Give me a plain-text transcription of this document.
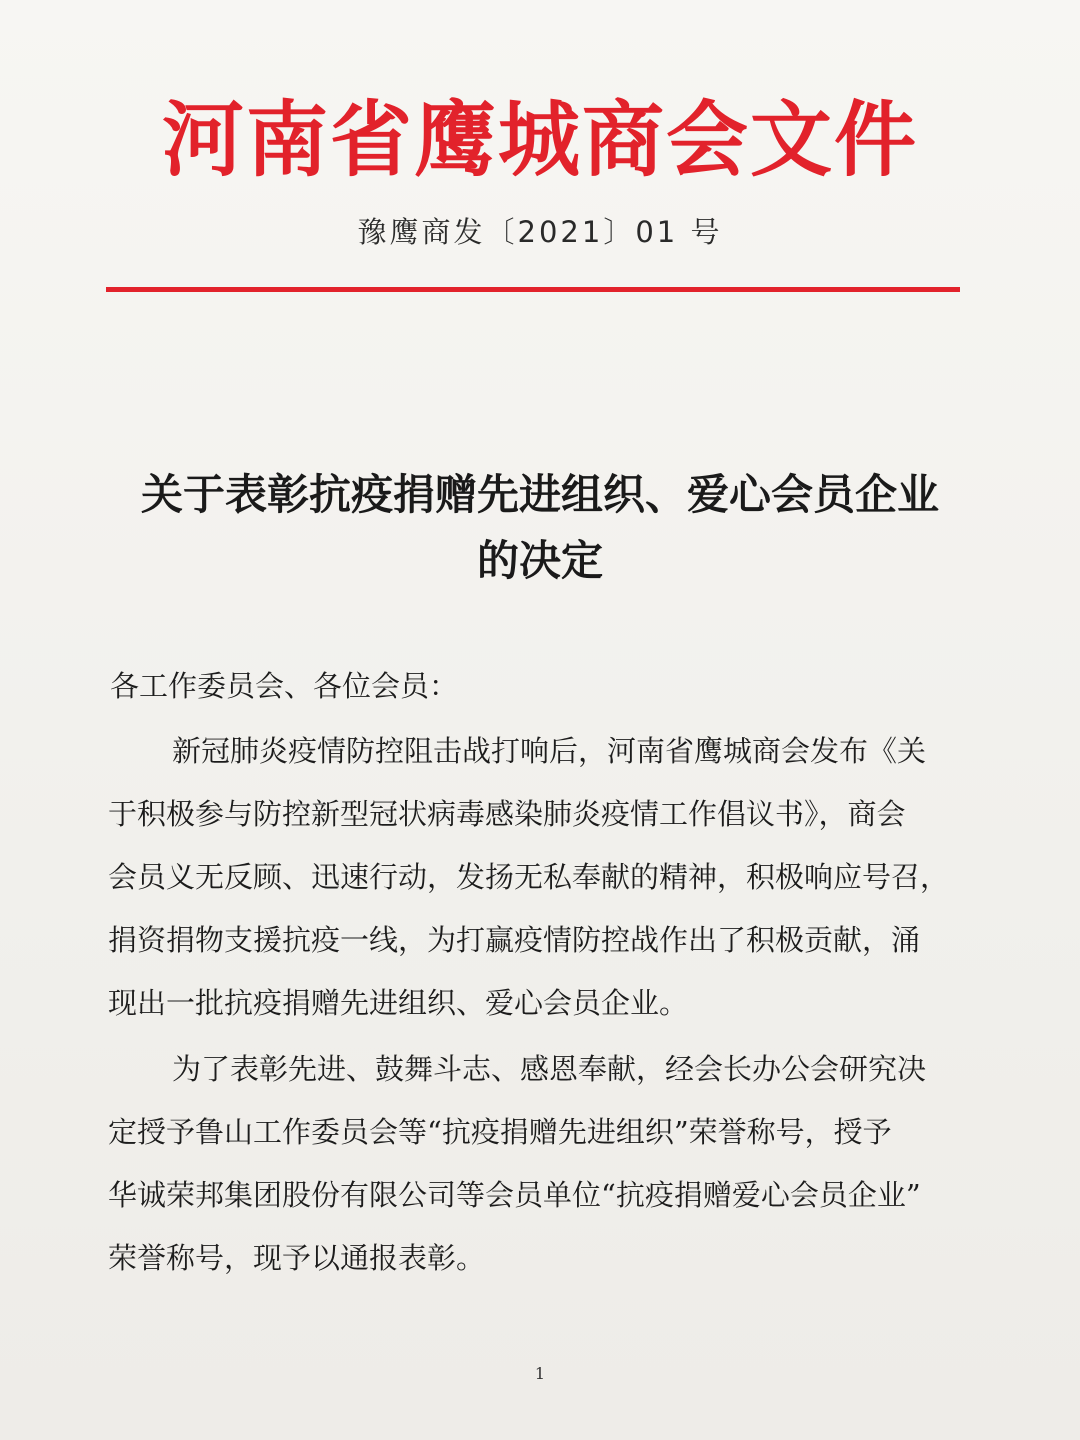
河南省鹰城商会文件
豫鹰商发〔2021〕01 号
关于表彰抗疫捐赠先进组织、爱心会员企业
的决定
各工作委员会、各位会员：
新冠肺炎疫情防控阻击战打响后，河南省鹰城商会发布《关
于积极参与防控新型冠状病毒感染肺炎疫情工作倡议书》，商会
会员义无反顾、迅速行动，发扬无私奉献的精神，积极响应号召，
捐资捐物支援抗疫一线，为打赢疫情防控战作出了积极贡献，涌
现出一批抗疫捐赠先进组织、爱心会员企业。
为了表彰先进、鼓舞斗志、感恩奉献，经会长办公会研究决
定授予鲁山工作委员会等“抗疫捐赠先进组织”荣誉称号，授予
华诚荣邦集团股份有限公司等会员单位“抗疫捐赠爱心会员企业”
荣誉称号，现予以通报表彰。
1
